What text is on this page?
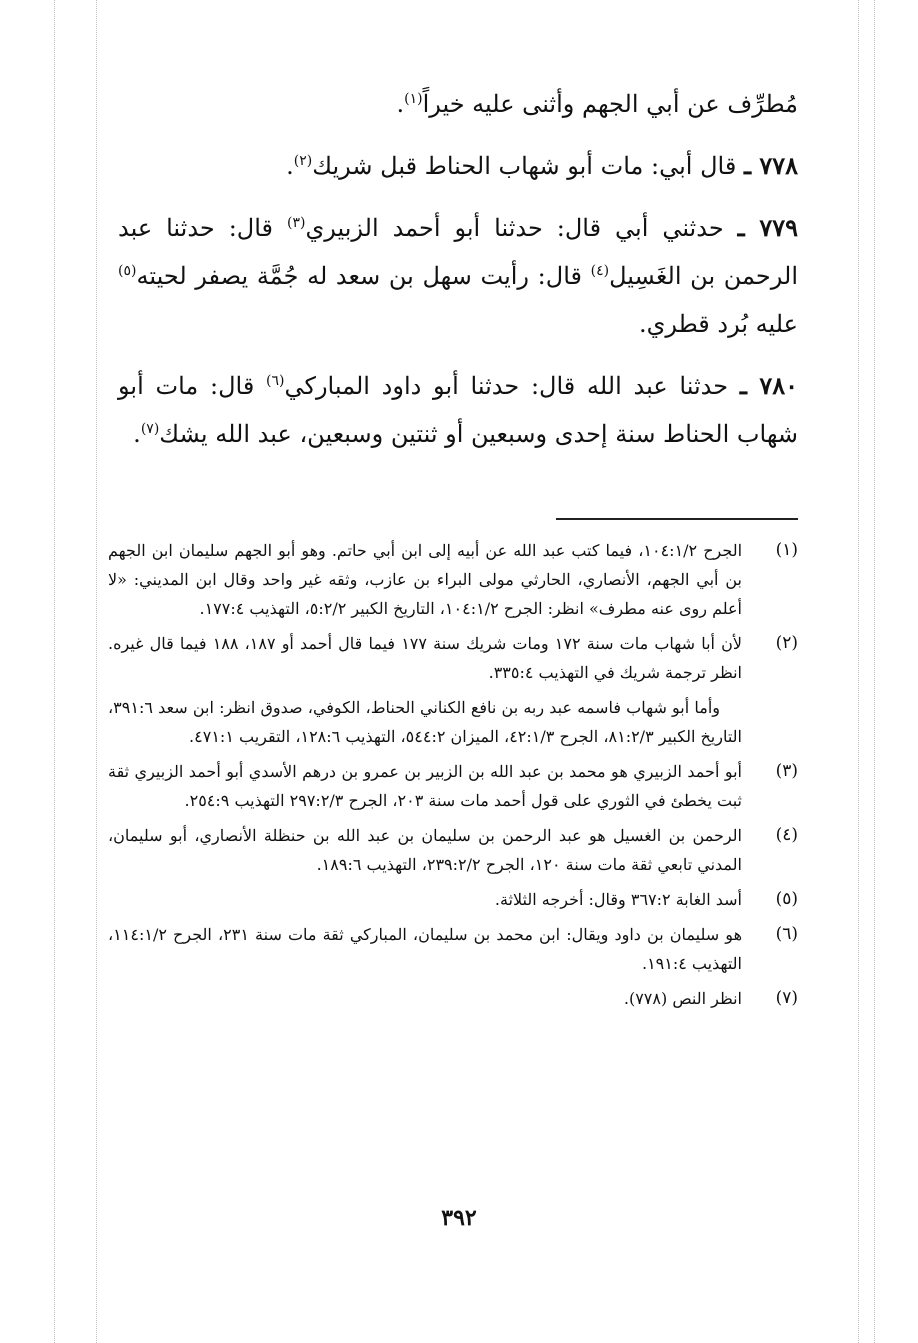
مُطرِّف عن أبي الجهم وأثنى عليه خيراً$^{(١)}$.

٧٧٨ ـ قال أبي: مات أبو شهاب الحناط قبل شريك$^{(٢)}$.

٧٧٩ ـ حدثني أبي قال: حدثنا أبو أحمد الزبيري$^{(٣)}$ قال: حدثنا عبد الرحمن بن الغَسِيل$^{(٤)}$ قال: رأيت سهل بن سعد له جُمَّة يصفر لحيته$^{(٥)}$ عليه بُرد قطري.

٧٨٠ ـ حدثنا عبد الله قال: حدثنا أبو داود المباركي$^{(٦)}$ قال: مات أبو شهاب الحناط سنة إحدى وسبعين أو ثنتين وسبعين، عبد الله يشك$^{(٧)}$.

(١)

الجرح ١٠٤:١/٢، فيما كتب عبد الله عن أبيه إلى ابن أبي حاتم. وهو أبو الجهم سليمان ابن الجهم بن أبي الجهم، الأنصاري، الحارثي مولى البراء بن عازب، وثقه غير واحد وقال ابن المديني: «لا أعلم روى عنه مطرف» انظر: الجرح ١٠٤:١/٢، التاريخ الكبير ٥:٢/٢، التهذيب ١٧٧:٤.

(٢)

لأن أبا شهاب مات سنة ١٧٢ ومات شريك سنة ١٧٧ فيما قال أحمد أو ١٨٧، ١٨٨ فيما قال غيره. انظر ترجمة شريك في التهذيب ٣٣٥:٤.

وأما أبو شهاب فاسمه عبد ربه بن نافع الكناني الحناط، الكوفي، صدوق انظر: ابن سعد ٣٩١:٦، التاريخ الكبير ٨١:٢/٣، الجرح ٤٢:١/٣، الميزان ٥٤٤:٢، التهذيب ١٢٨:٦، التقريب ٤٧١:١.

(٣)

أبو أحمد الزبيري هو محمد بن عبد الله بن الزبير بن عمرو بن درهم الأسدي أبو أحمد الزبيري ثقة ثبت يخطئ في الثوري على قول أحمد مات سنة ٢٠٣، الجرح ٢٩٧:٢/٣ التهذيب ٢٥٤:٩.

(٤)

الرحمن بن الغسيل هو عبد الرحمن بن سليمان بن عبد الله بن حنظلة الأنصاري، أبو سليمان، المدني تابعي ثقة مات سنة ١٢٠، الجرح ٢٣٩:٢/٢، التهذيب ١٨٩:٦.

(٥)

أسد الغابة ٣٦٧:٢ وقال: أخرجه الثلاثة.

(٦)

هو سليمان بن داود ويقال: ابن محمد بن سليمان، المباركي ثقة مات سنة ٢٣١، الجرح ١١٤:١/٢، التهذيب ١٩١:٤.

(٧)

انظر النص (٧٧٨).

٣٩٢
